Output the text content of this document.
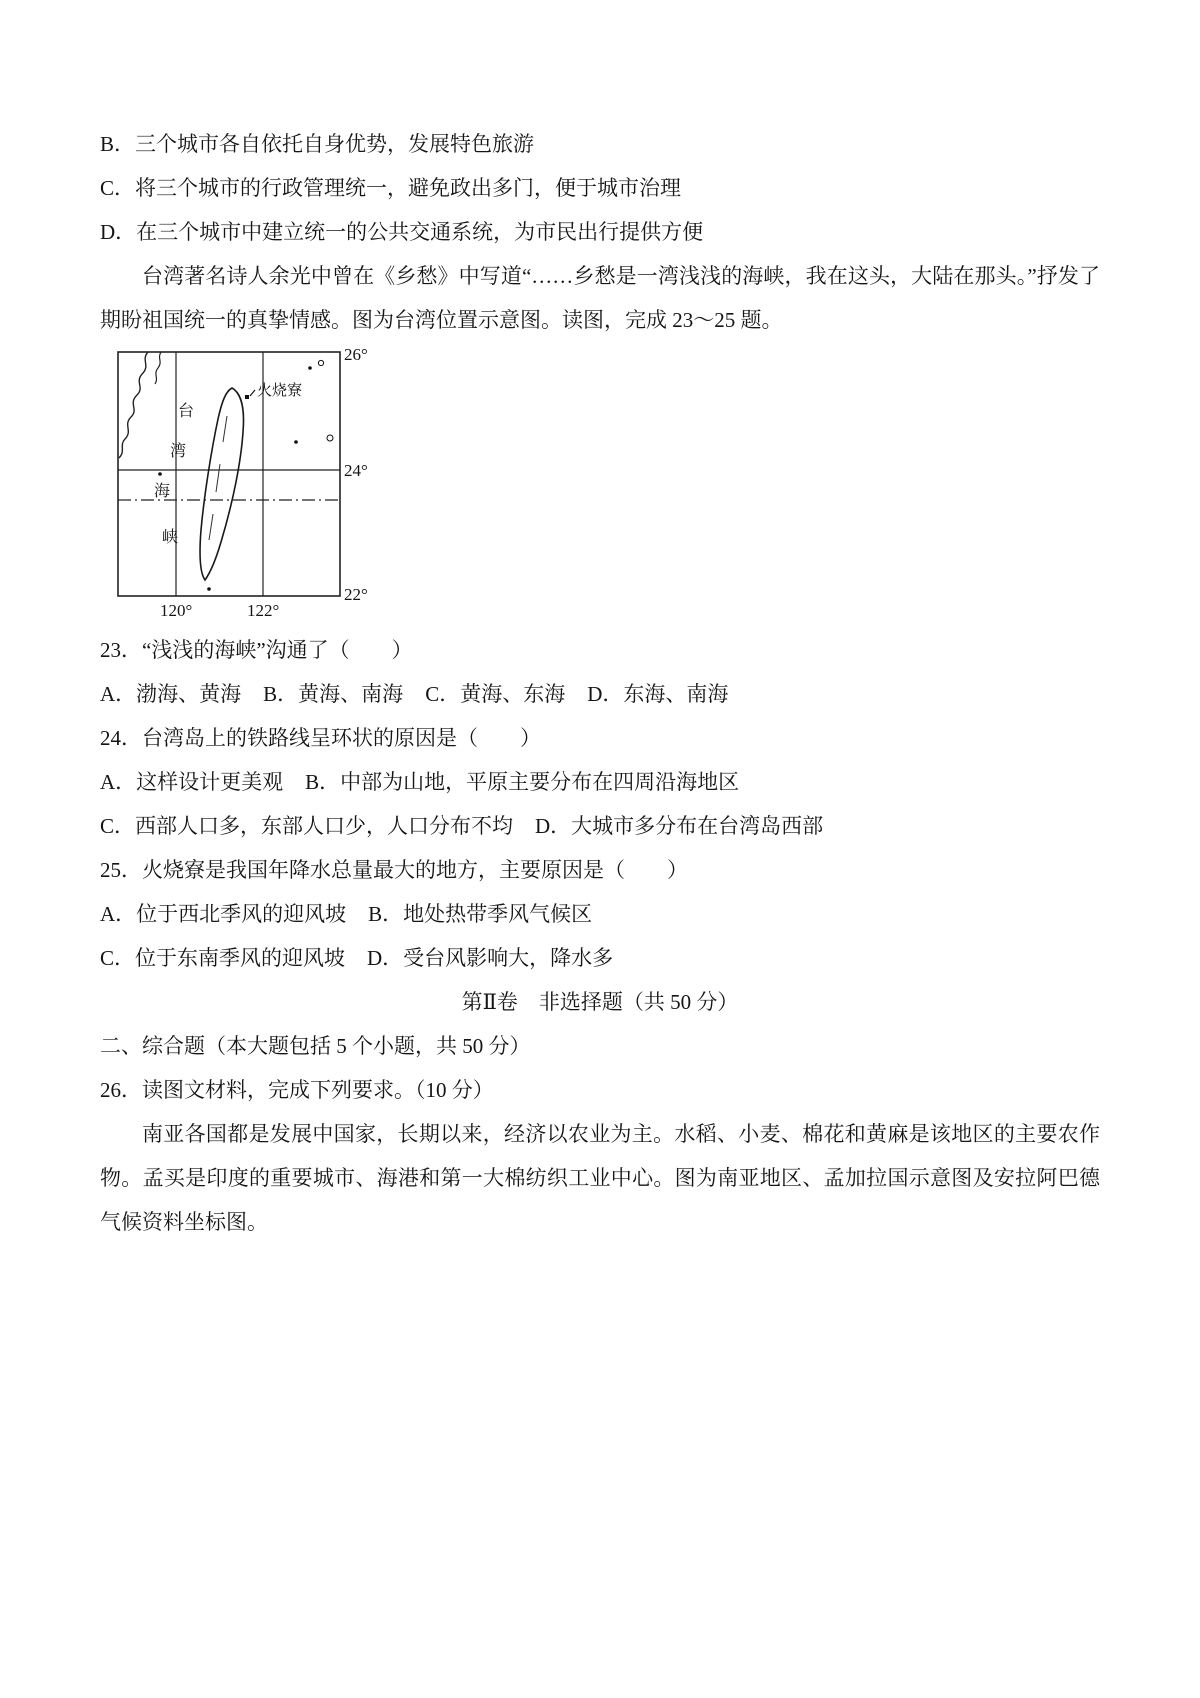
B．三个城市各自依托自身优势，发展特色旅游
C．将三个城市的行政管理统一，避免政出多门，便于城市治理
D．在三个城市中建立统一的公共交通系统，为市民出行提供方便

台湾著名诗人余光中曾在《乡愁》中写道“……乡愁是一湾浅浅的海峡，我在这头，大陆在那头。”抒发了期盼祖国统一的真挚情感。图为台湾位置示意图。读图，完成 23～25 题。

火烧寮
台
湾
海
峡
26°
24°
22°
120°	122°
23．“浅浅的海峡”沟通了（　　）
A．渤海、黄海 B．黄海、南海 C．黄海、东海 D．东海、南海
24．台湾岛上的铁路线呈环状的原因是（　　）
A．这样设计更美观 B．中部为山地，平原主要分布在四周沿海地区
C．西部人口多，东部人口少，人口分布不均 D．大城市多分布在台湾岛西部
25．火烧寮是我国年降水总量最大的地方，主要原因是（　　）
A．位于西北季风的迎风坡 B．地处热带季风气候区
C．位于东南季风的迎风坡 D．受台风影响大，降水多
第Ⅱ卷　非选择题（共 50 分）
二、综合题（本大题包括 5 个小题，共 50 分）
26．读图文材料，完成下列要求。（10 分）

南亚各国都是发展中国家，长期以来，经济以农业为主。水稻、小麦、棉花和黄麻是该地区的主要农作物。孟买是印度的重要城市、海港和第一大棉纺织工业中心。图为南亚地区、孟加拉国示意图及安拉阿巴德气候资料坐标图。
